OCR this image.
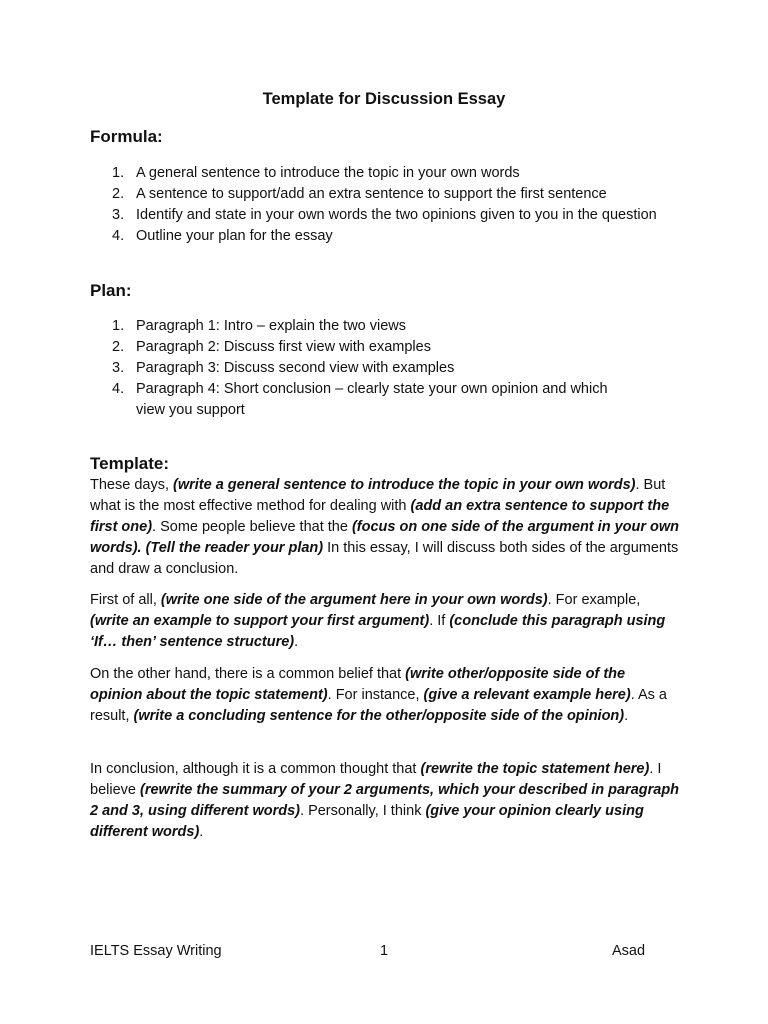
Template for Discussion Essay
Formula:
1. A general sentence to introduce the topic in your own words
2. A sentence to support/add an extra sentence to support the first sentence
3. Identify and state in your own words the two opinions given to you in the question
4. Outline your plan for the essay
Plan:
1. Paragraph 1: Intro – explain the two views
2. Paragraph 2: Discuss first view with examples
3. Paragraph 3: Discuss second view with examples
4. Paragraph 4: Short conclusion – clearly state your own opinion and which view you support
Template:

These days, (write a general sentence to introduce the topic in your own words). But what is the most effective method for dealing with (add an extra sentence to support the first one). Some people believe that the (focus on one side of the argument in your own words). (Tell the reader your plan) In this essay, I will discuss both sides of the arguments and draw a conclusion.

First of all, (write one side of the argument here in your own words). For example, (write an example to support your first argument). If (conclude this paragraph using ‘If… then’ sentence structure).

On the other hand, there is a common belief that (write other/opposite side of the opinion about the topic statement). For instance, (give a relevant example here). As a result, (write a concluding sentence for the other/opposite side of the opinion).

In conclusion, although it is a common thought that (rewrite the topic statement here). I believe (rewrite the summary of your 2 arguments, which your described in paragraph 2 and 3, using different words). Personally, I think (give your opinion clearly using different words).

IELTS Essay Writing	1	Asad
